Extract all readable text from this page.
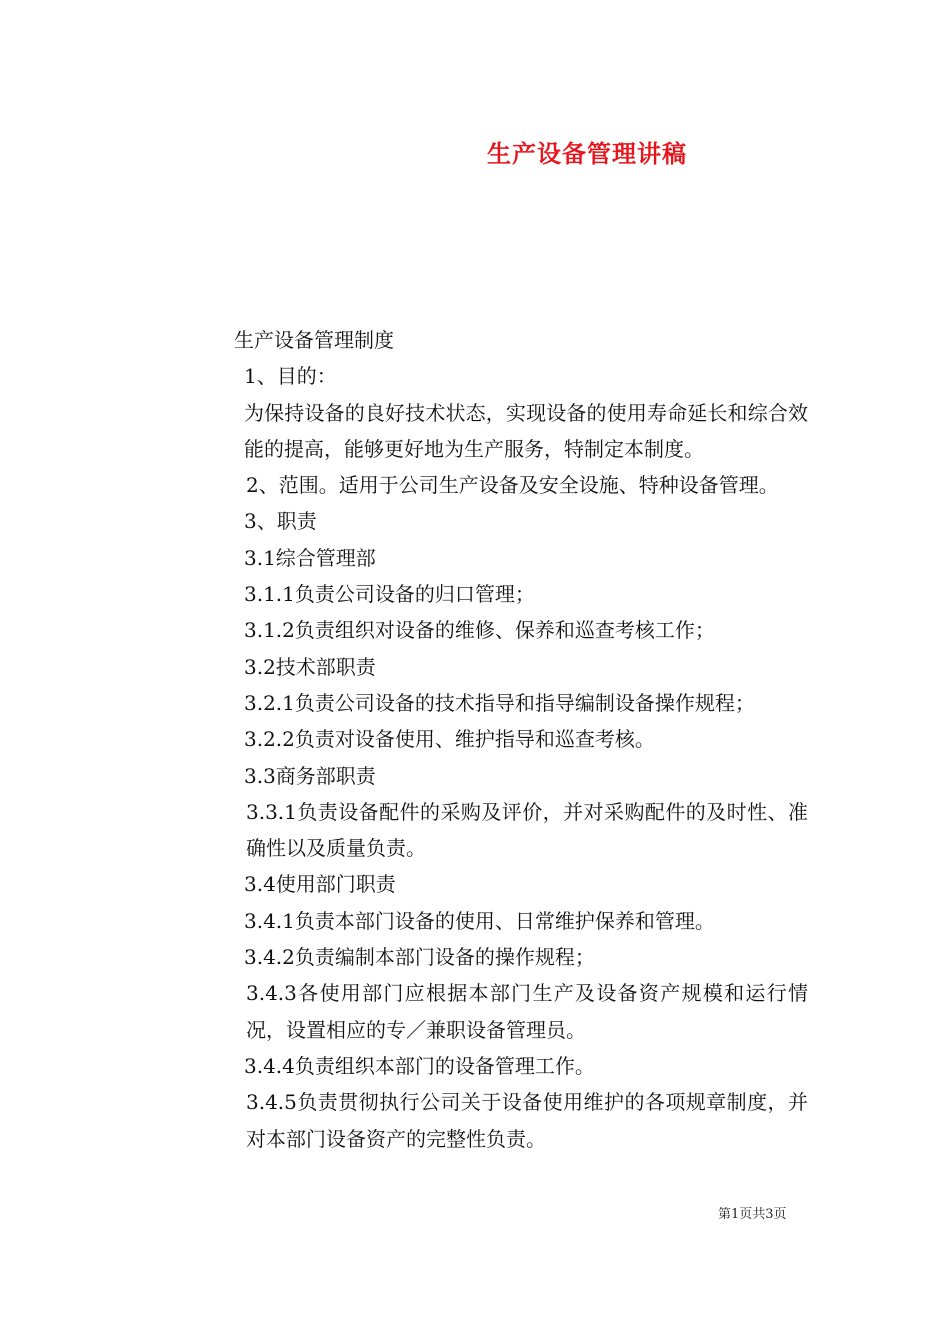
生产设备管理讲稿

生产设备管理制度

1、目的：

为保持设备的良好技术状态，实现设备的使用寿命延长和综合效能的提高，能够更好地为生产服务，特制定本制度。

2、范围。适用于公司生产设备及安全设施、特种设备管理。

3、职责

3.1综合管理部

3.1.1负责公司设备的归口管理；

3.1.2负责组织对设备的维修、保养和巡查考核工作；

3.2技术部职责

3.2.1负责公司设备的技术指导和指导编制设备操作规程；

3.2.2负责对设备使用、维护指导和巡查考核。

3.3商务部职责

3.3.1负责设备配件的采购及评价，并对采购配件的及时性、准确性以及质量负责。

3.4使用部门职责

3.4.1负责本部门设备的使用、日常维护保养和管理。

3.4.2负责编制本部门设备的操作规程；

3.4.3各使用部门应根据本部门生产及设备资产规模和运行情况，设置相应的专／兼职设备管理员。

3.4.4负责组织本部门的设备管理工作。

3.4.5负责贯彻执行公司关于设备使用维护的各项规章制度，并对本部门设备资产的完整性负责。

第1页共3页
